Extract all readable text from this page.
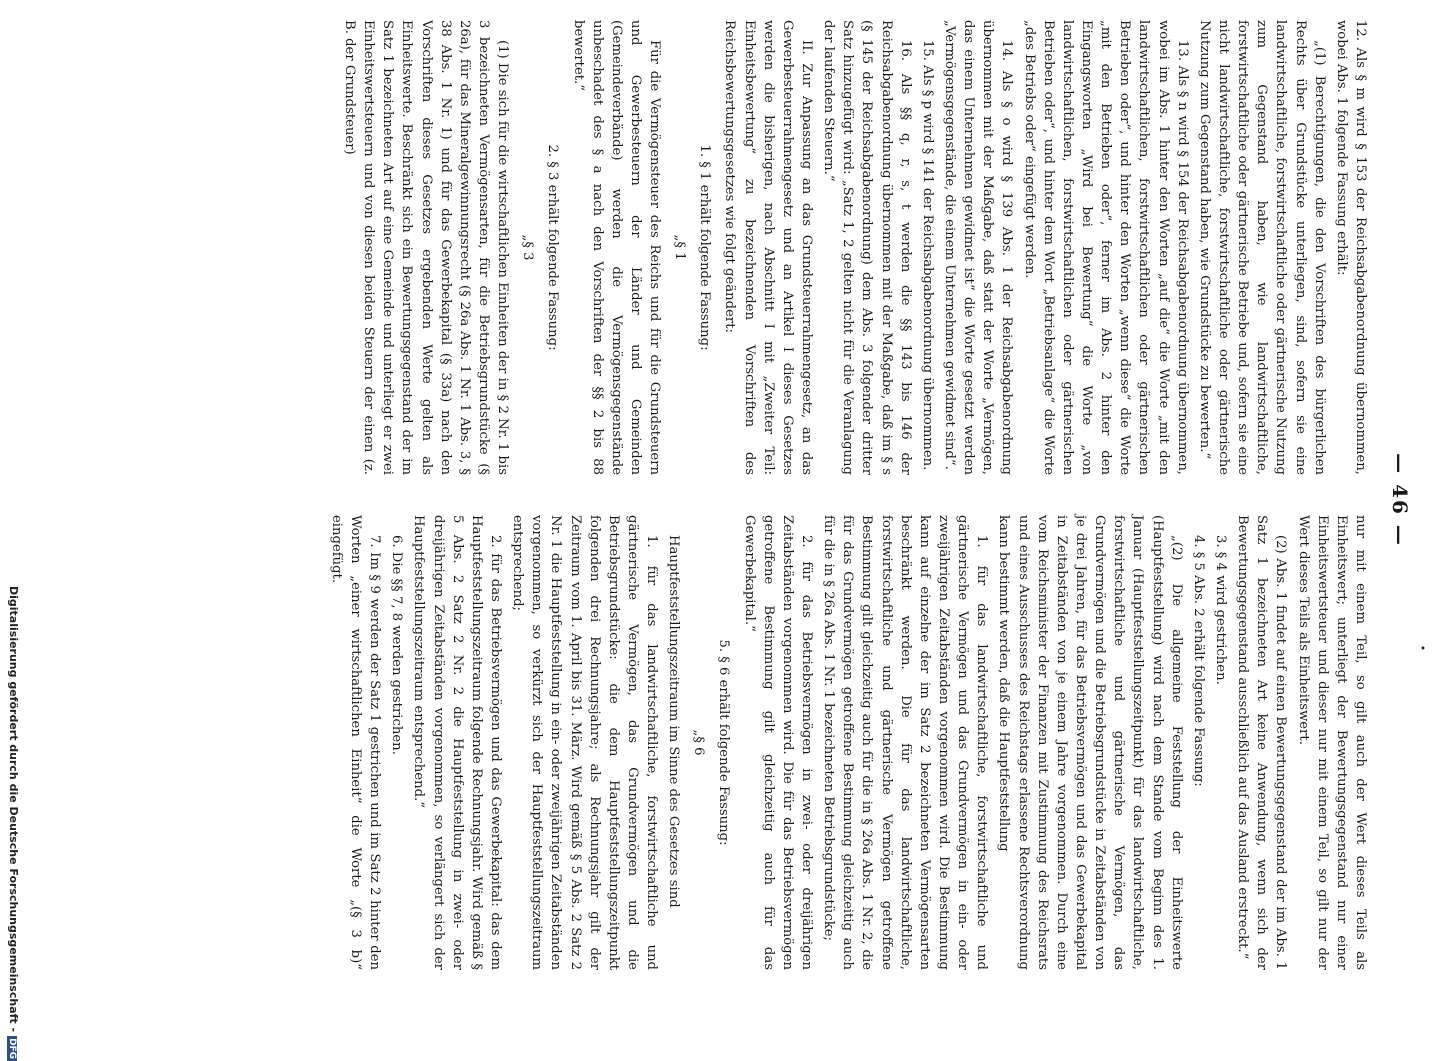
•
— 46 —

12. Als § m wird § 153 der Reichsabgabenordnung übernommen, wobei Abs. 1 folgende Fassung erhält:

„(1) Berechtigungen, die den Vorschriften des bürgerlichen Rechts über Grundstücke unterliegen, sind, sofern sie eine landwirtschaftliche, forstwirtschaftliche oder gärtnerische Nutzung zum Gegenstand haben, wie landwirtschaftliche, forstwirtschaftliche oder gärtnerische Betriebe und, sofern sie eine nicht landwirtschaftliche, forstwirtschaftliche oder gärtnerische Nutzung zum Gegenstand haben, wie Grundstücke zu bewerten.“

13. Als § n wird § 154 der Reichsabgabenordnung übernommen, wobei im Abs. 1 hinter den Worten „auf die“ die Worte „mit den landwirtschaftlichen, forstwirtschaftlichen oder gärtnerischen Betrieben oder“, und hinter den Worten „wenn diese“ die Worte „mit den Betrieben oder“, ferner im Abs. 2 hinter den Eingangsworten „Wird bei Bewertung“ die Worte „von landwirtschaftlichen, forstwirtschaftlichen oder gärtnerischen Betrieben oder“, und hinter dem Wort „Betriebsanlage“ die Worte „des Betriebs oder“ eingefügt werden.

14. Als § o wird § 139 Abs. 1 der Reichsabgabenordnung übernommen mit der Maßgabe, daß statt der Worte „Vermögen, das einem Unternehmen gewidmet ist“ die Worte gesetzt werden „Vermögensgegenstände, die einem Unternehmen gewidmet sind“.

15. Als § p wird § 141 der Reichsabgabenordnung übernommen.

16. Als §§ q, r, s, t werden die §§ 143 bis 146 der Reichsabgabenordnung übernommen mit der Maßgabe, daß im § s (§ 145 der Reichsabgabenordnung) dem Abs. 3 folgender dritter Satz hinzugefügt wird: „Satz 1, 2 gelten nicht für die Veranlagung der laufenden Steuern.“

II. Zur Anpassung an das Grundsteuerrahmengesetz, an das Gewerbesteuerrahmengesetz und an Artikel I dieses Gesetzes werden die bisherigen, nach Abschnitt I mit „Zweiter Teil: Einheitsbewertung“ zu bezeichnenden Vorschriften des Reichsbewertungsgesetzes wie folgt geändert:

1. § 1 erhält folgende Fassung:

„§ 1

Für die Vermögensteuer des Reichs und für die Grundsteuern und Gewerbesteuern der Länder und Gemeinden (Gemeindeverbände) werden die Vermögensgegenstände unbeschadet des § a nach den Vorschriften der §§ 2 bis 88 bewertet.“

2. § 3 erhält folgende Fassung:

„§ 3

(1) Die sich für die wirtschaftlichen Einheiten der in § 2 Nr. 1 bis 3 bezeichneten Vermögensarten, für die Betriebsgrundstücke (§ 26a), für das Mineralgewinnungsrecht (§ 26a Abs. 1 Nr. 1 Abs. 3, § 38 Abs. 1 Nr. 1) und für das Gewerbekapital (§ 33a) nach den Vorschriften dieses Gesetzes ergebenden Werte gelten als Einheitswerte. Beschränkt sich ein Bewertungsgegenstand der im Satz 1 bezeichneten Art auf eine Gemeinde und unterliegt er zwei Einheitswertsteuern und von diesen beiden Steuern der einen (z. B. der Grundsteuer)

nur mit einem Teil, so gilt auch der Wert dieses Teils als Einheitswert; unterliegt der Bewertungsgegenstand nur einer Einheitswertsteuer und dieser nur mit einem Teil, so gilt nur der Wert dieses Teils als Einheitswert.

(2) Abs. 1 findet auf einen Bewertungsgegenstand der im Abs. 1 Satz 1 bezeichneten Art keine Anwendung, wenn sich der Bewertungsgegenstand ausschließlich auf das Ausland erstreckt.“

3. § 4 wird gestrichen.

4. § 5 Abs. 2 erhält folgende Fassung:

„(2) Die allgemeine Feststellung der Einheitswerte (Hauptfeststellung) wird nach dem Stande vom Beginn des 1. Januar (Hauptfeststellungszeitpunkt) für das landwirtschaftliche, forstwirtschaftliche und gärtnerische Vermögen, das Grundvermögen und die Betriebsgrundstücke in Zeitabständen von je drei Jahren, für das Betriebsvermögen und das Gewerbekapital in Zeitabständen von je einem Jahre vorgenommen. Durch eine vom Reichsminister der Finanzen mit Zustimmung des Reichsrats und eines Ausschusses des Reichstags erlassene Rechtsverordnung kann bestimmt werden, daß die Hauptfeststellung

1. für das landwirtschaftliche, forstwirtschaftliche und gärtnerische Vermögen und das Grundvermögen in ein- oder zweijährigen Zeitabständen vorgenommen wird. Die Bestimmung kann auf einzelne der im Satz 2 bezeichneten Vermögensarten beschränkt werden. Die für das landwirtschaftliche, forstwirtschaftliche und gärtnerische Vermögen getroffene Bestimmung gilt gleichzeitig auch für die in § 26a Abs. 1 Nr. 2, die für das Grundvermögen getroffene Bestimmung gleichzeitig auch für die in § 26a Abs. 1 Nr. 1 bezeichneten Betriebsgrundstücke;

2. für das Betriebsvermögen in zwei- oder dreijährigen Zeitabständen vorgenommen wird. Die für das Betriebsvermögen getroffene Bestimmung gilt gleichzeitig auch für das Gewerbekapital.“

5. § 6 erhält folgende Fassung:

„§ 6

Hauptfeststellungszeitraum im Sinne des Gesetzes sind

1. für das landwirtschaftliche, forstwirtschaftliche und gärtnerische Vermögen, das Grundvermögen und die Betriebsgrundstücke: die dem Hauptfeststellungszeitpunkt folgenden drei Rechnungsjahre; als Rechnungsjahr gilt der Zeitraum vom 1. April bis 31. März. Wird gemäß § 5 Abs. 2 Satz 2 Nr. 1 die Hauptfeststellung in ein- oder zweijährigen Zeitabständen vorgenommen, so verkürzt sich der Hauptfeststellungszeitraum entsprechend;

2. für das Betriebsvermögen und das Gewerbekapital: das dem Hauptfeststellungszeitraum folgende Rechnungsjahr. Wird gemäß § 5 Abs. 2 Satz 2 Nr. 2 die Hauptfeststellung in zwei- oder dreijährigen Zeitabständen vorgenommen, so verlängert sich der Hauptfeststellungszeitraum entsprechend.“

6. Die §§ 7, 8 werden gestrichen.

7. Im § 9 werden der Satz 1 gestrichen und im Satz 2 hinter den Worten „einer wirtschaftlichen Einheit“ die Worte „(§ 3 b)“ eingefügt.

Digitalisierung gefördert durch die Deutsche Forschungsgemeinschaft -DFG
